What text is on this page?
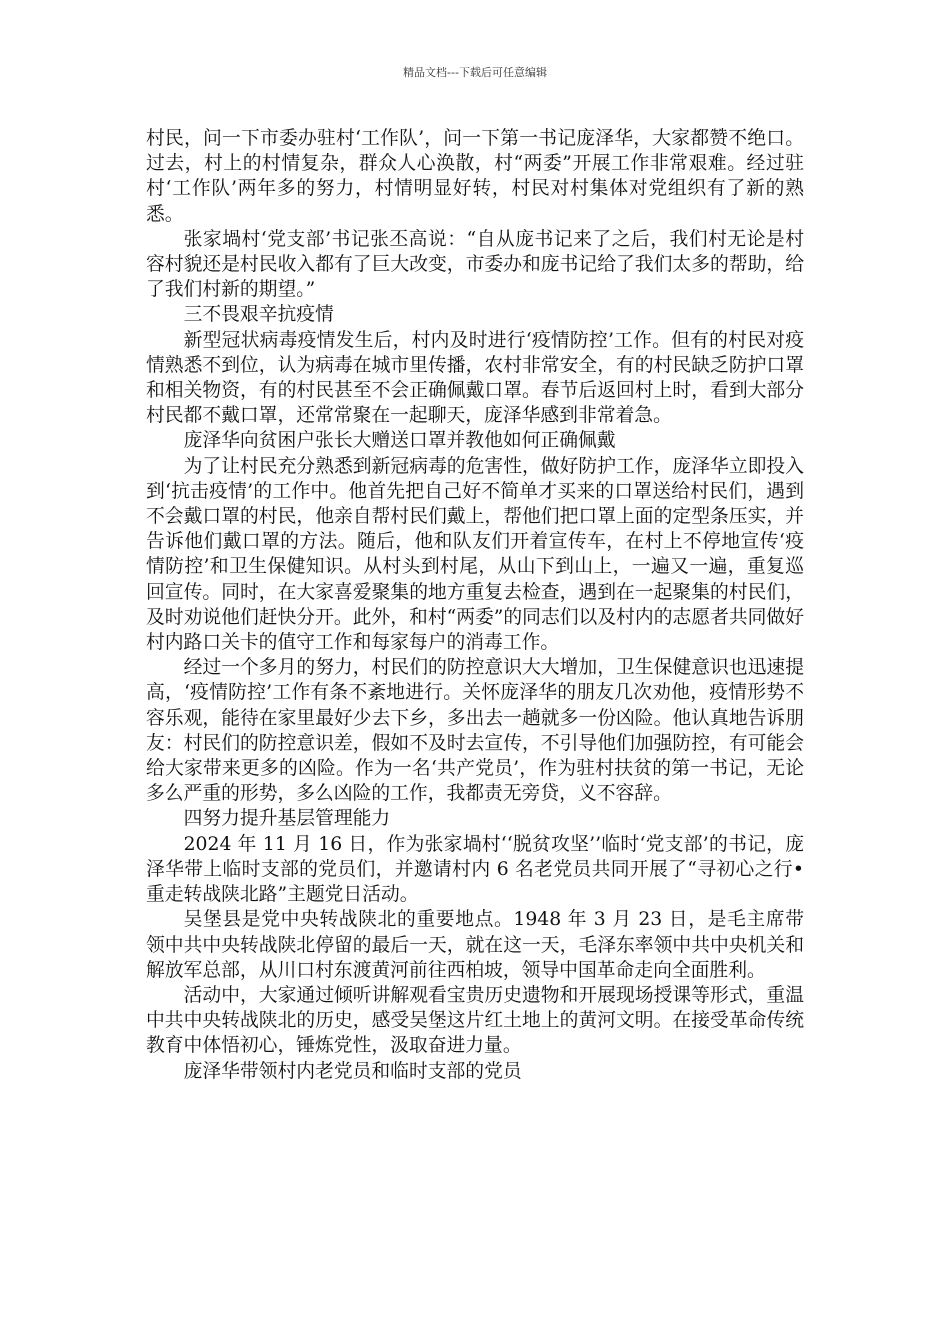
精品文档---下载后可任意编辑

村民，问一下市委办驻村‘工作队’，问一下第一书记庞泽华，大家都赞不绝口。过去，村上的村情复杂，群众人心涣散，村“两委”开展工作非常艰难。经过驻村‘工作队’两年多的努力，村情明显好转，村民对村集体对党组织有了新的熟悉。

张家堝村‘党支部’书记张丕高说：“自从庞书记来了之后，我们村无论是村容村貌还是村民收入都有了巨大改变，市委办和庞书记给了我们太多的帮助，给了我们村新的期望。”

三不畏艰辛抗疫情

新型冠状病毒疫情发生后，村内及时进行‘疫情防控’工作。但有的村民对疫情熟悉不到位，认为病毒在城市里传播，农村非常安全，有的村民缺乏防护口罩和相关物资，有的村民甚至不会正确佩戴口罩。春节后返回村上时，看到大部分村民都不戴口罩，还常常聚在一起聊天，庞泽华感到非常着急。

庞泽华向贫困户张长大赠送口罩并教他如何正确佩戴

为了让村民充分熟悉到新冠病毒的危害性，做好防护工作，庞泽华立即投入到‘抗击疫情’的工作中。他首先把自己好不简单才买来的口罩送给村民们，遇到不会戴口罩的村民，他亲自帮村民们戴上，帮他们把口罩上面的定型条压实，并告诉他们戴口罩的方法。随后，他和队友们开着宣传车，在村上不停地宣传‘疫情防控’和卫生保健知识。从村头到村尾，从山下到山上，一遍又一遍，重复巡回宣传。同时，在大家喜爱聚集的地方重复去检查，遇到在一起聚集的村民们，及时劝说他们赶快分开。此外，和村“两委”的同志们以及村内的志愿者共同做好村内路口关卡的值守工作和每家每户的消毒工作。

经过一个多月的努力，村民们的防控意识大大增加，卫生保健意识也迅速提高，‘疫情防控’工作有条不紊地进行。关怀庞泽华的朋友几次劝他，疫情形势不容乐观，能待在家里最好少去下乡，多出去一趟就多一份凶险。他认真地告诉朋友：村民们的防控意识差，假如不及时去宣传，不引导他们加强防控，有可能会给大家带来更多的凶险。作为一名‘共产党员’，作为驻村扶贫的第一书记，无论多么严重的形势，多么凶险的工作，我都责无旁贷，义不容辞。

四努力提升基层管理能力

2024 年 11 月 16 日，作为张家堝村‘‘脱贫攻坚’’临时‘党支部’的书记，庞泽华带上临时支部的党员们，并邀请村内 6 名老党员共同开展了“寻初心之行•重走转战陕北路”主题党日活动。

吴堡县是党中央转战陕北的重要地点。1948 年 3 月 23 日，是毛主席带领中共中央转战陕北停留的最后一天，就在这一天，毛泽东率领中共中央机关和解放军总部，从川口村东渡黄河前往西柏坡，领导中国革命走向全面胜利。

活动中，大家通过倾听讲解观看宝贵历史遗物和开展现场授课等形式，重温中共中央转战陕北的历史，感受吴堡这片红土地上的黄河文明。在接受革命传统教育中体悟初心，锤炼党性，汲取奋进力量。

庞泽华带领村内老党员和临时支部的党员
